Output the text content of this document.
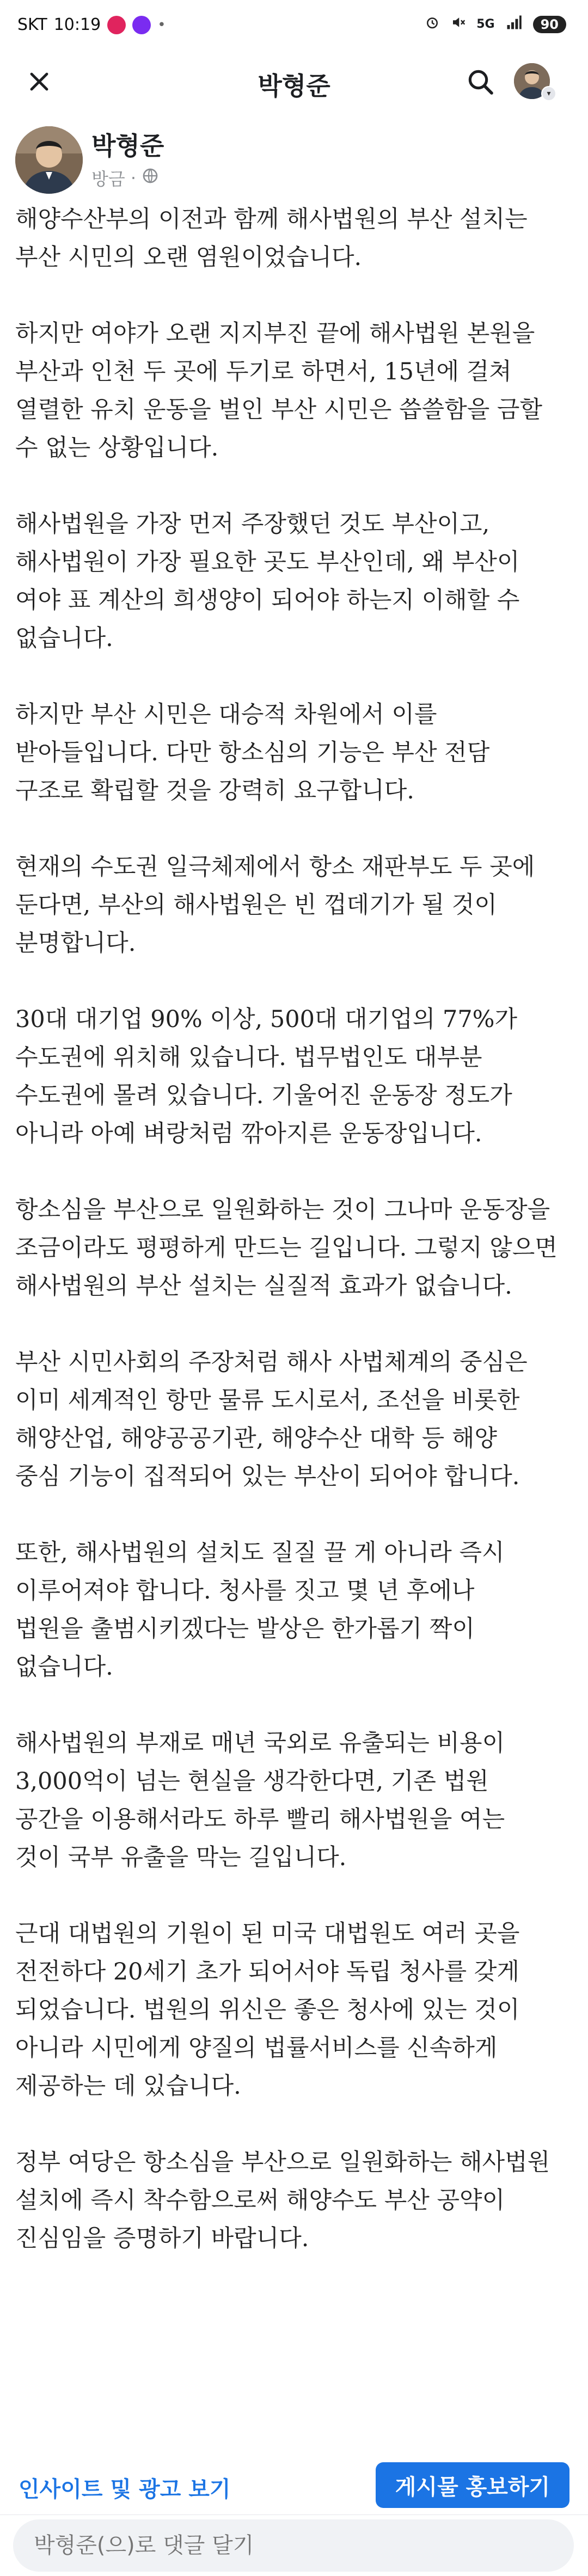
SKT 10:19	•	5G	90
박형준	▾
박형준
방금 ·

해양수산부의 이전과 함께 해사법원의 부산 설치는
부산 시민의 오랜 염원이었습니다.

하지만 여야가 오랜 지지부진 끝에 해사법원 본원을
부산과 인천 두 곳에 두기로 하면서, 15년에 걸쳐
열렬한 유치 운동을 벌인 부산 시민은 씁쓸함을 금할
수 없는 상황입니다.

해사법원을 가장 먼저 주장했던 것도 부산이고,
해사법원이 가장 필요한 곳도 부산인데, 왜 부산이
여야 표 계산의 희생양이 되어야 하는지 이해할 수
없습니다.

하지만 부산 시민은 대승적 차원에서 이를
받아들입니다. 다만 항소심의 기능은 부산 전담
구조로 확립할 것을 강력히 요구합니다.

현재의 수도권 일극체제에서 항소 재판부도 두 곳에
둔다면, 부산의 해사법원은 빈 껍데기가 될 것이
분명합니다.

30대 대기업 90% 이상, 500대 대기업의 77%가
수도권에 위치해 있습니다. 법무법인도 대부분
수도권에 몰려 있습니다. 기울어진 운동장 정도가
아니라 아예 벼랑처럼 깎아지른 운동장입니다.

항소심을 부산으로 일원화하는 것이 그나마 운동장을
조금이라도 평평하게 만드는 길입니다. 그렇지 않으면
해사법원의 부산 설치는 실질적 효과가 없습니다.

부산 시민사회의 주장처럼 해사 사법체계의 중심은
이미 세계적인 항만 물류 도시로서, 조선을 비롯한
해양산업, 해양공공기관, 해양수산 대학 등 해양
중심 기능이 집적되어 있는 부산이 되어야 합니다.

또한, 해사법원의 설치도 질질 끌 게 아니라 즉시
이루어져야 합니다. 청사를 짓고 몇 년 후에나
법원을 출범시키겠다는 발상은 한가롭기 짝이
없습니다.

해사법원의 부재로 매년 국외로 유출되는 비용이
3,000억이 넘는 현실을 생각한다면, 기존 법원
공간을 이용해서라도 하루 빨리 해사법원을 여는
것이 국부 유출을 막는 길입니다.

근대 대법원의 기원이 된 미국 대법원도 여러 곳을
전전하다 20세기 초가 되어서야 독립 청사를 갖게
되었습니다. 법원의 위신은 좋은 청사에 있는 것이
아니라 시민에게 양질의 법률서비스를 신속하게
제공하는 데 있습니다.

정부 여당은 항소심을 부산으로 일원화하는 해사법원
설치에 즉시 착수함으로써 해양수도 부산 공약이
진심임을 증명하기 바랍니다.

인사이트 및 광고 보기	게시물 홍보하기
박형준(으)로 댓글 달기
